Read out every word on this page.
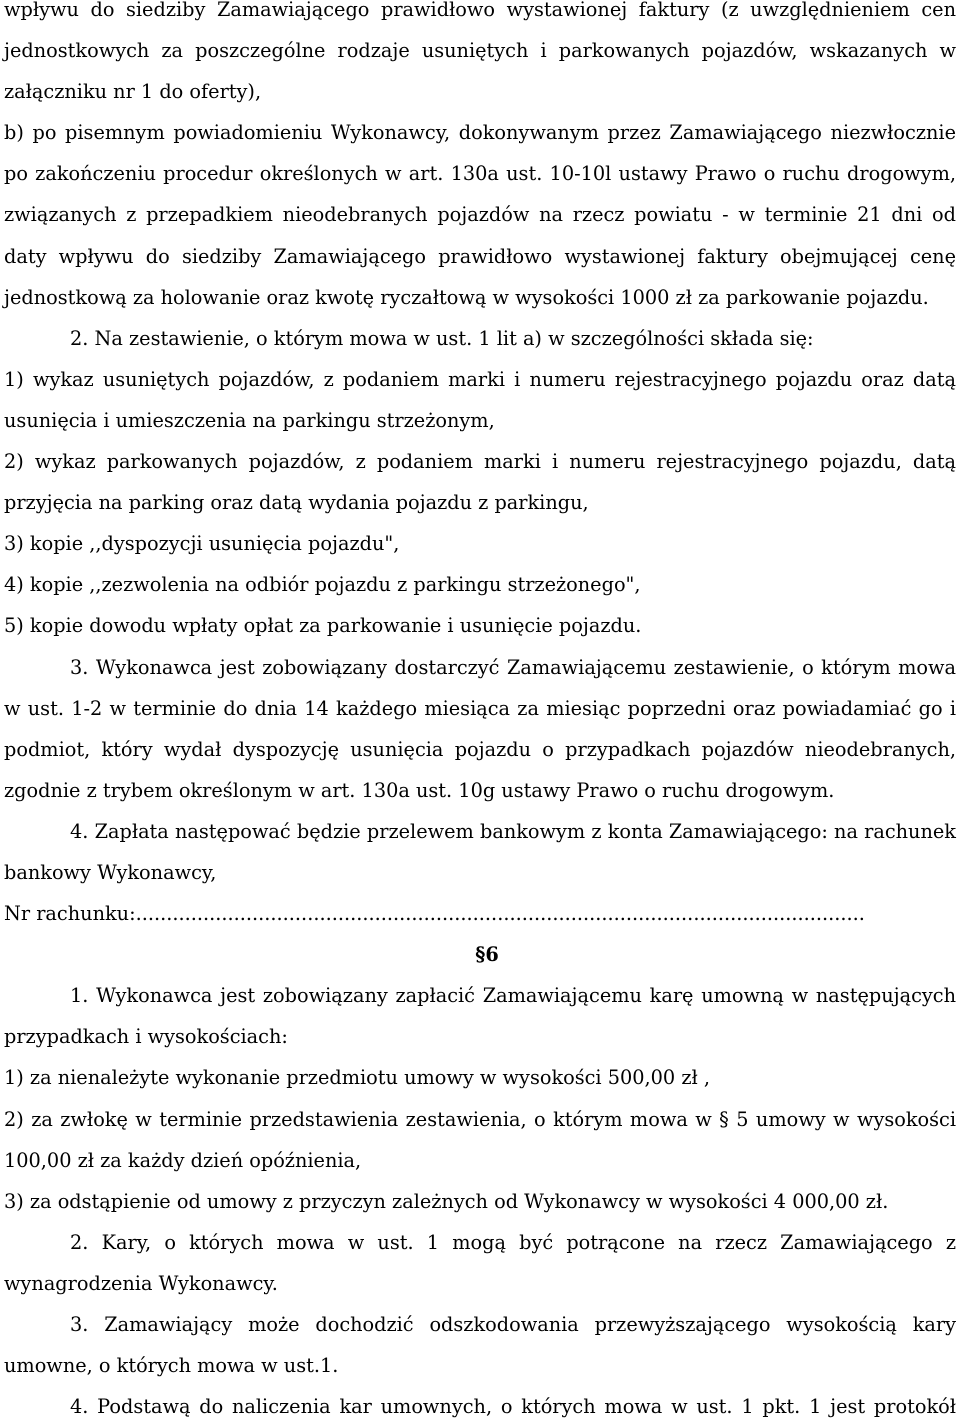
wpływu do siedziby Zamawiającego prawidłowo wystawionej faktury (z uwzględnieniem cen jednostkowych za poszczególne rodzaje usuniętych i parkowanych pojazdów, wskazanych w załączniku nr 1 do oferty),

b) po pisemnym powiadomieniu Wykonawcy, dokonywanym przez Zamawiającego niezwłocznie po zakończeniu procedur określonych w art. 130a ust. 10-10l ustawy Prawo o ruchu drogowym, związanych z przepadkiem nieodebranych pojazdów na rzecz powiatu - w terminie 21 dni od daty wpływu do siedziby Zamawiającego prawidłowo wystawionej faktury obejmującej cenę jednostkową za holowanie oraz kwotę ryczałtową w wysokości 1000 zł za parkowanie pojazdu.

2. Na zestawienie, o którym mowa w ust. 1 lit a) w szczególności składa się:

1) wykaz usuniętych pojazdów, z podaniem marki i numeru rejestracyjnego pojazdu oraz datą usunięcia i umieszczenia na parkingu strzeżonym,

2) wykaz parkowanych pojazdów, z podaniem marki i numeru rejestracyjnego pojazdu, datą przyjęcia na parking oraz datą wydania pojazdu z parkingu,

3) kopie ,,dyspozycji usunięcia pojazdu",

4) kopie ,,zezwolenia na odbiór pojazdu z parkingu strzeżonego",

5) kopie dowodu wpłaty opłat za parkowanie i usunięcie pojazdu.

3. Wykonawca jest zobowiązany dostarczyć Zamawiającemu zestawienie, o którym mowa w ust. 1-2 w terminie do dnia 14 każdego miesiąca za miesiąc poprzedni oraz powiadamiać go i podmiot, który wydał dyspozycję usunięcia pojazdu o przypadkach pojazdów nieodebranych, zgodnie z trybem określonym w art. 130a ust. 10g ustawy Prawo o ruchu drogowym.

4. Zapłata następować będzie przelewem bankowym z konta Zamawiającego: na rachunek bankowy Wykonawcy,

Nr rachunku:.......................................................................................................................

§6

1. Wykonawca jest zobowiązany zapłacić Zamawiającemu karę umowną w następujących przypadkach i wysokościach:

1) za nienależyte wykonanie przedmiotu umowy w wysokości 500,00 zł ,

2) za zwłokę w terminie przedstawienia zestawienia, o którym mowa w § 5 umowy w wysokości 100,00 zł za każdy dzień opóźnienia,

3) za odstąpienie od umowy z przyczyn zależnych od Wykonawcy w wysokości 4 000,00 zł.

2. Kary, o których mowa w ust. 1 mogą być potrącone na rzecz Zamawiającego z wynagrodzenia Wykonawcy.

3. Zamawiający może dochodzić odszkodowania przewyższającego wysokością kary umowne, o których mowa w ust.1.

4. Podstawą do naliczenia kar umownych, o których mowa w ust. 1 pkt. 1 jest protokół
